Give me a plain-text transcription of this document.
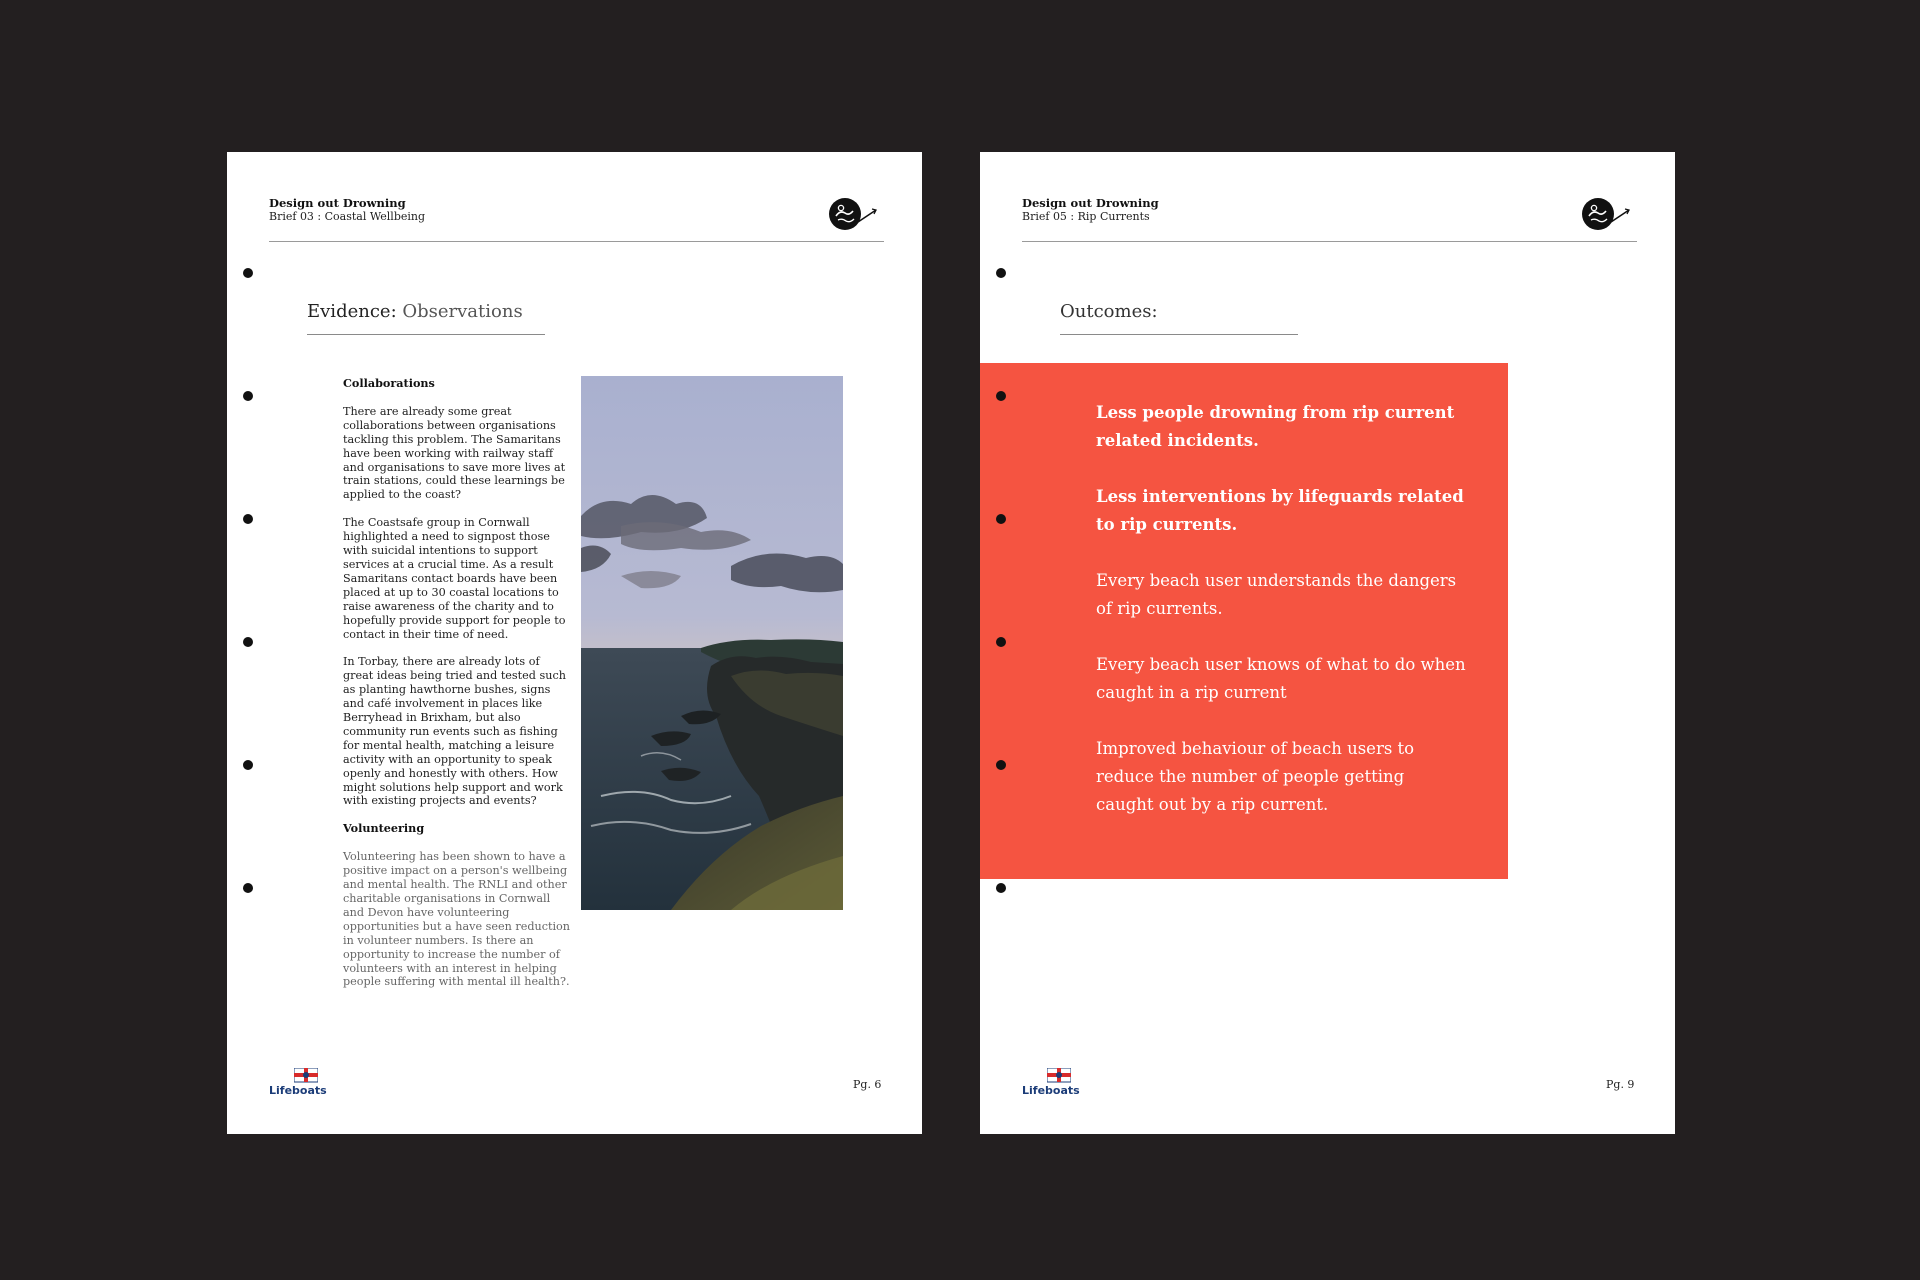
Design out Drowning
Brief 03 : Coastal Wellbeing
Evidence: Observations
Collaborations

There are already some great collaborations between organisations tackling this problem. The Samaritans have been working with railway staff and organisations to save more lives at train stations, could these learnings be applied to the coast?

The Coastsafe group in Cornwall highlighted a need to signpost those with suicidal intentions to support services at a crucial time. As a result Samaritans contact boards have been placed at up to 30 coastal locations to raise awareness of the charity and to hopefully provide support for people to contact in their time of need.

In Torbay, there are already lots of great ideas being tried and tested such as planting hawthorne bushes, signs and café involvement in places like Berryhead in Brixham, but also community run events such as fishing for mental health, matching a leisure activity with an opportunity to speak openly and honestly with others. How might solutions help support and work with existing projects and events?

Volunteering

Volunteering has been shown to have a positive impact on a person's wellbeing and mental health. The RNLI and other charitable organisations in Cornwall and Devon have volunteering opportunities but a have seen reduction in volunteer numbers. Is there an opportunity to increase the number of volunteers with an interest in helping people suffering with mental ill health?.

Lifeboats	Pg. 6
Design out Drowning
Brief 05 : Rip Currents
Outcomes:
Less people drowning from rip current related incidents.
Less interventions by lifeguards related to rip currents.
Every beach user understands the dangers of rip currents.
Every beach user knows of what to do when caught in a rip current
Improved behaviour of beach users to reduce the number of people getting caught out by a rip current.
Lifeboats	Pg. 9
